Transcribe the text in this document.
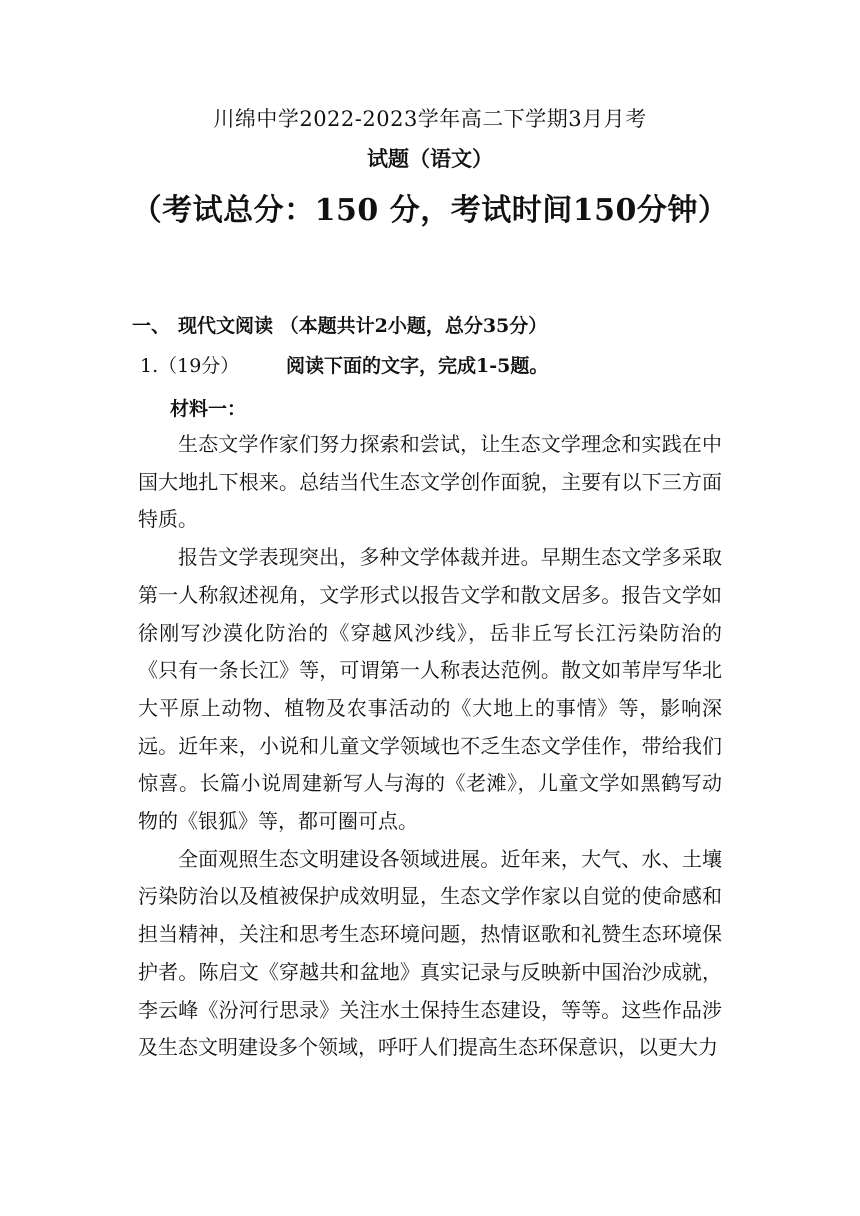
川绵中学2022-2023学年高二下学期3月月考
试题（语文）
（考试总分：150 分，考试时间150分钟）
一、 现代文阅读 （本题共计2小题，总分35分）
1.（19分） 阅读下面的文字，完成1-5题。
材料一：

生态文学作家们努力探索和尝试，让生态文学理念和实践在中国大地扎下根来。总结当代生态文学创作面貌，主要有以下三方面特质。

报告文学表现突出，多种文学体裁并进。早期生态文学多采取第一人称叙述视角，文学形式以报告文学和散文居多。报告文学如徐刚写沙漠化防治的《穿越风沙线》，岳非丘写长江污染防治的《只有一条长江》等，可谓第一人称表达范例。散文如苇岸写华北大平原上动物、植物及农事活动的《大地上的事情》等，影响深远。近年来，小说和儿童文学领域也不乏生态文学佳作，带给我们惊喜。长篇小说周建新写人与海的《老滩》，儿童文学如黑鹤写动物的《银狐》等，都可圈可点。

全面观照生态文明建设各领域进展。近年来，大气、水、土壤污染防治以及植被保护成效明显，生态文学作家以自觉的使命感和担当精神，关注和思考生态环境问题，热情讴歌和礼赞生态环境保护者。陈启文《穿越共和盆地》真实记录与反映新中国治沙成就，李云峰《汾河行思录》关注水土保持生态建设，等等。这些作品涉及生态文明建设多个领域，呼吁人们提高生态环保意识，以更大力
